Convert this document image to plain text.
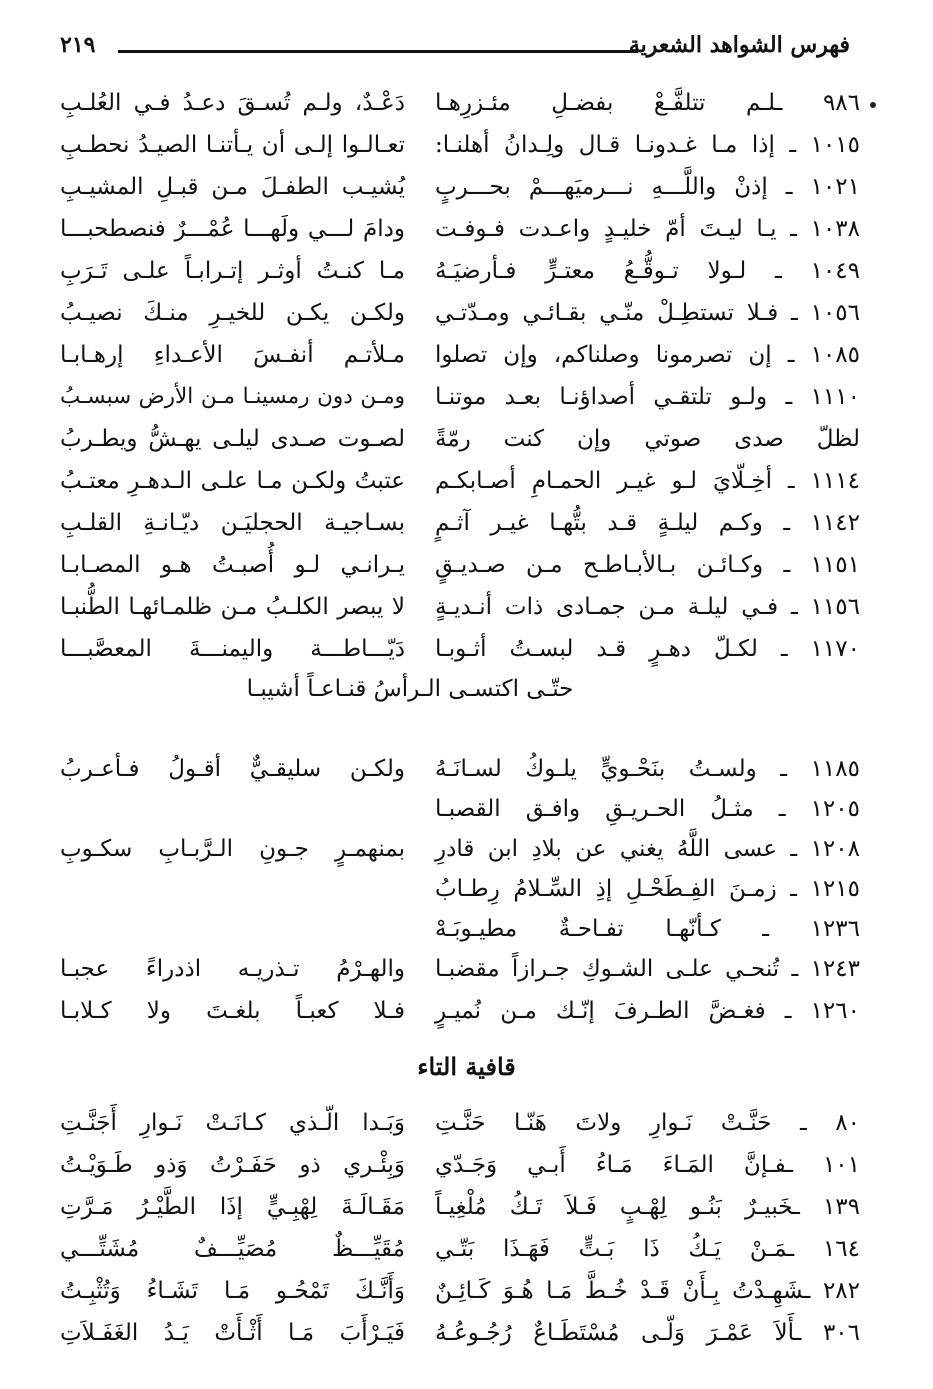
فهرس الشواهد الشعرية
٢١٩
٩٨٦ ـلـم تتلفَّـعْ بفضـلِ مئـزرِهـا
دَعْـدٌ، ولـم تُسـقَ دعـدُ فـي العُلـبِ
١٠١٥ ـ إذا مـا غـدونـا قـال ولِـدانُ أهلنـا:
تعـالـوا إلـى أن يـأتنـا الصيـدُ نحطـبِ
١٠٢١ ـ إذنْ واللَّـــهِ نـــرميَهـــمْ بحـــربٍ
يُشيـب الطفـلَ مـن قبـلِ المشيـبِ
١٠٣٨ ـ يـا ليـتَ أمّ خليـدٍ واعـدت فـوفـت
ودامَ لـــي ولَهـــا عُمْـــرٌ فنصطحبـــا
١٠٤٩ ـ لـولا تـوقُّـعُ معتـرٍّ فـأرضيَـهُ
مـا كنـتُ أوثـر إتـرابـاً علـى تَـرَبِ
١٠٥٦ ـ فـلا تستطِـلْ منّـي بقـائـي ومـدّتـي
ولكـن يكـن للخيـرِ منـكَ نصيـبُ
١٠٨٥ ـ إن تصرمونا وصلناكم، وإن تصلوا
مـلأتـم أنفـسَ الأعـداءِ إرهـابـا
١١١٠ ـ ولـو تلتقـي أصداؤنـا بعـد موتنـا
ومـن دون رمسينـا مـن الأرض سبسـبُ
لظلّ صدى صوتي وإن كنت رمّةً
لصـوت صـدى ليلـى يهـشُّ ويطـربُ
١١١٤ ـ أخِـلّايَ لـو غيـر الحمـامِ أصـابكـم
عتبتُ ولكـن مـا علـى الـدهـرِ معتـبُ
١١٤٢ ـ وكـم ليلـةٍ قـد بتُّهـا غيـر آثـمٍ
بسـاجيـة الحجليَـن ديّـانـةِ القلـبِ
١١٥١ ـ وكـائـن بـالأبـاطـح مـن صـديـقٍ
يـرانـي لـو أُصبـتُ هـو المصـابـا
١١٥٦ ـ فـي ليلـة مـن جمـادى ذات أنـديـةٍ
لا يبصر الكلـبُ مـن ظلمـائهـا الطُّنبـا
١١٧٠ ـ لكـلّ دهـرٍ قـد لبسـتُ أثـوبـا
دَيّـــاطـــة واليمنـــةَ المعصَّبـــا
حتّـى اكتسـى الـرأسُ قنـاعـاً أشيبـا
١١٨٥ ـ ولسـتُ بنَحْـويٍّ يلـوكُ لسـانَـهُ
ولكـن سليقـيٌّ أقـولُ فـأعـربُ
١٢٠٥ ـ مثـلُ الحـريـقِ وافـق القصبـا
١٢٠٨ ـ عسى اللَّهُ يغني عن بلادِ ابن قادرِ
بمنهمـرٍ جـونِ الـرَّبـابِ سكـوبِ
١٢١٥ ـ زمـنَ الفِـطَحْـلِ إذِ السِّـلامُ رِطـابُ
١٢٣٦ ـ كـأنّهـا تفـاحـةٌ مطيـوبَـهْ
١٢٤٣ ـ تُنحـي علـى الشـوكِ جـرازاً مقضبـا
والهـرْمُ تـذريـه اذدراءً عجبـا
١٢٦٠ ـ فغـضَّ الطـرفَ إنّـك مـن نُميـرٍ
فـلا كعبـاً بلغـتَ ولا كـلابـا
قافية التاء
٨٠ ـ حَنَّـتْ نَـوارِ ولاتَ هَنّـا حَنَّـتِ
وَبَـدا الّـذي كـانَـتْ نَـوارِ أَجَنَّـتِ
١٠١ ـفـإنَّ المَـاءَ مَـاءُ أَبـي وَجَـدّي
وَبِئْـري ذو حَفَـرْتُ وَذو طَـوَيْـتُ
١٣٩ ـخَبيـرٌ بَنُـو لِهْـبٍ فَـلاَ تَـكُ مُلْغِيـاً
مَقَـالَـةَ لِهْبِـيٍّ إذَا الطَّيْـرُ مَـرَّتِ
١٦٤ ـمَـنْ يَـكُ ذَا بَـتٍّ فَهَـذَا بَتّـي
مُقَيِّـــظٌ مُصَيِّـــفٌ مُشَتِّـــي
٢٨٢ ـشَهِـدْتُ بِـأَنْ قَـدْ خُـطَّ مَـا هُـوَ كَـائِـنٌ
وَأَنَّـكَ تَمْحُـو مَـا تَشَـاءُ وَتُثْبِـتُ
٣٠٦ ـأَلاَ عَمْـرَ وَلّـى مُسْتَطَـاعٌ رُجُـوعُـهُ
فَيَـرْأَبَ مَـا أَثْـأَتْ يَـدُ الغَفَـلاَتِ
